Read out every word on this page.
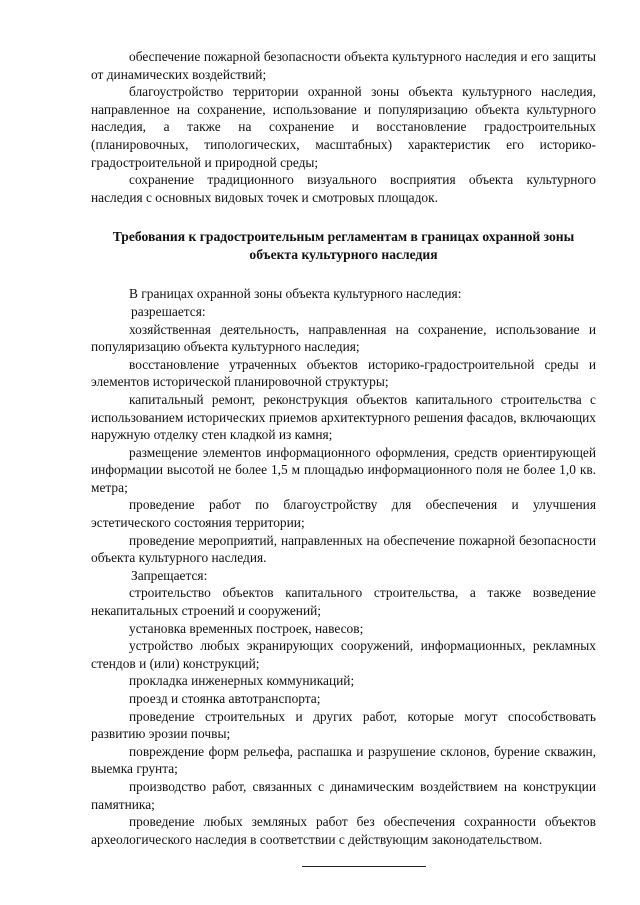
обеспечение пожарной безопасности объекта культурного наследия и его защиты от динамических воздействий;

благоустройство территории охранной зоны объекта культурного наследия, направленное на сохранение, использование и популяризацию объекта культурного наследия, а также на сохранение и восстановление градостроительных (планировочных, типологических, масштабных) характеристик его историко-градостроительной и природной среды;

сохранение традиционного визуального восприятия объекта культурного наследия с основных видовых точек и смотровых площадок.

Требования к градостроительным регламентам в границах охранной зоны объекта культурного наследия

В границах охранной зоны объекта культурного наследия:

разрешается:

хозяйственная деятельность, направленная на сохранение, использование и популяризацию объекта культурного наследия;

восстановление утраченных объектов историко-градостроительной среды и элементов исторической планировочной структуры;

капитальный ремонт, реконструкция объектов капитального строительства с использованием исторических приемов архитектурного решения фасадов, включающих наружную отделку стен кладкой из камня;

размещение элементов информационного оформления, средств ориентирующей информации высотой не более 1,5 м площадью информационного поля не более 1,0 кв. метра;

проведение работ по благоустройству для обеспечения и улучшения эстетического состояния территории;

проведение мероприятий, направленных на обеспечение пожарной безопасности объекта культурного наследия.

Запрещается:

строительство объектов капитального строительства, а также возведение некапитальных строений и сооружений;

установка временных построек, навесов;

устройство любых экранирующих сооружений, информационных, рекламных стендов и (или) конструкций;

прокладка инженерных коммуникаций;

проезд и стоянка автотранспорта;

проведение строительных и других работ, которые могут способствовать развитию эрозии почвы;

повреждение форм рельефа, распашка и разрушение склонов, бурение скважин, выемка грунта;

производство работ, связанных с динамическим воздействием на конструкции памятника;

проведение любых земляных работ без обеспечения сохранности объектов археологического наследия в соответствии с действующим законодательством.
